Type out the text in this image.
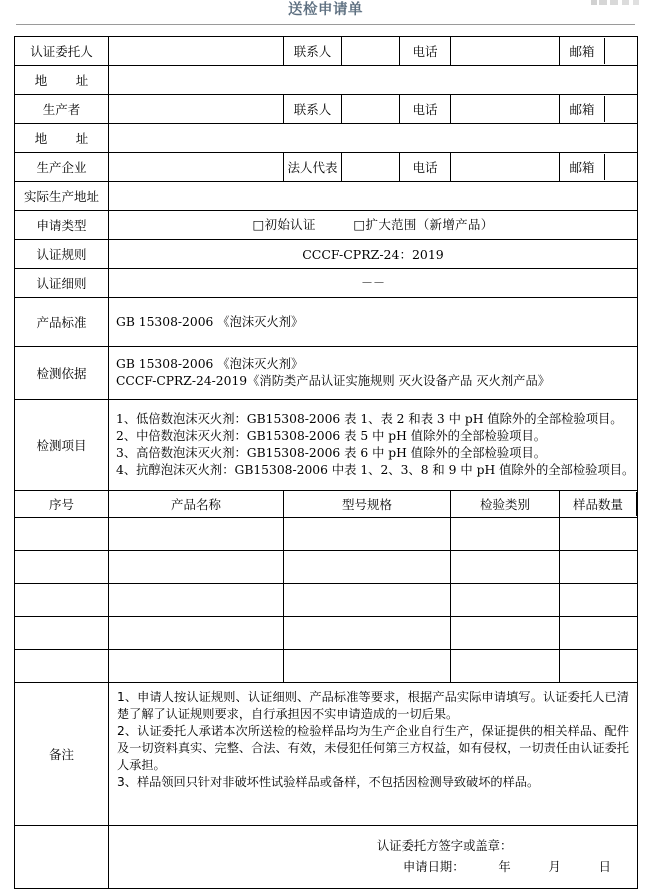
送检申请单
认证委托人		联系人		电话			邮箱	

地　址	
生产者		联系人		电话			邮箱	

地　址	
生产企业		法人代表		电话			邮箱	

实际生产地址	
申请类型	□初始认证	□扩大范围（新增产品）
认证规则	CCCF-CPRZ-24：2019
认证细则	－－
产品标准	GB 15308-2006 《泡沫灭火剂》
检测依据	
GB 15308-2006 《泡沫灭火剂》
CCCF-CPRZ-24-2019《消防类产品认证实施规则 灭火设备产品 灭火剂产品》

检测项目	
1、低倍数泡沫灭火剂：GB15308-2006 表 1、表 2 和表 3 中 pH 值除外的全部检验项目。
2、中倍数泡沫灭火剂：GB15308-2006 表 5 中 pH 值除外的全部检验项目。
3、高倍数泡沫灭火剂：GB15308-2006 表 6 中 pH 值除外的全部检验项目。
4、抗醇泡沫灭火剂：GB15308-2006 中表 1、2、3、8 和 9 中 pH 值除外的全部检验项目。

序号	产品名称	型号规格	检验类别		样品数量

备注	
1、申请人按认证规则、认证细则、产品标准等要求，根据产品实际申请填写。认证委托人已清楚了解了认证规则要求，自行承担因不实申请造成的一切后果。
2、认证委托人承诺本次所送检的检验样品均为生产企业自行生产，保证提供的相关样品、配件及一切资料真实、完整、合法、有效，未侵犯任何第三方权益，如有侵权，一切责任由认证委托人承担。
3、样品领回只针对非破坏性试验样品或备样，不包括因检测导致破坏的样品。

认证委托方签字或盖章：
申请日期：	年	月	日
